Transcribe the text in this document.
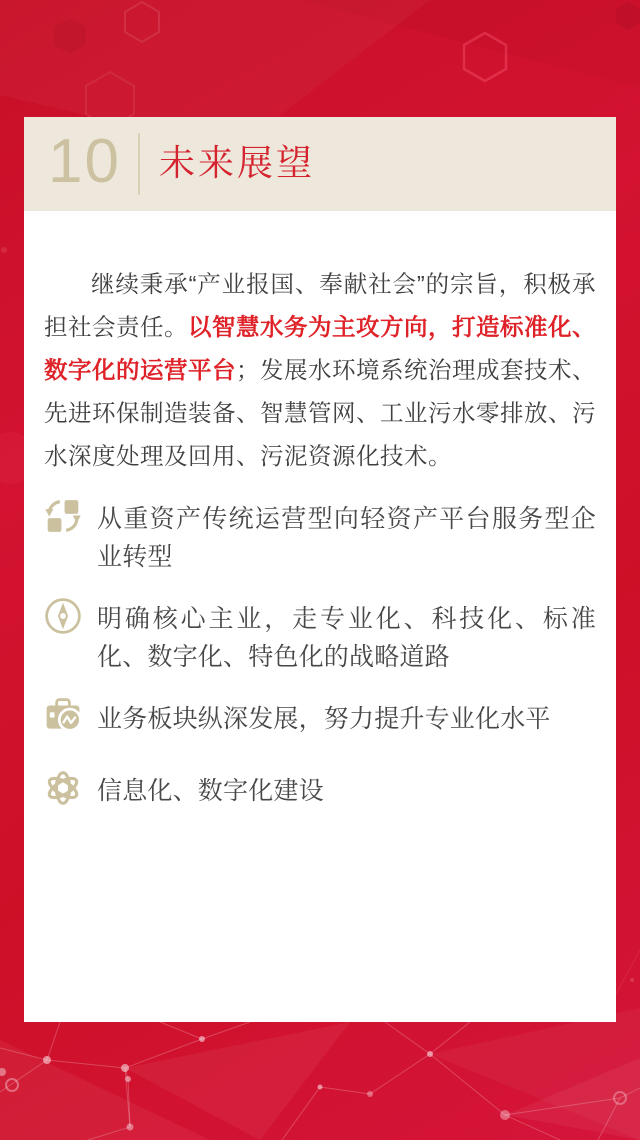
10 未来展望

继续秉承“产业报国、奉献社会”的宗旨，积极承担社会责任。以智慧水务为主攻方向，打造标准化、数字化的运营平台；发展水环境系统治理成套技术、先进环保制造装备、智慧管网、工业污水零排放、污水深度处理及回用、污泥资源化技术。

从重资产传统运营型向轻资产平台服务型企业转型
明确核心主业，走专业化、科技化、标准化、数字化、特色化的战略道路
业务板块纵深发展，努力提升专业化水平
信息化、数字化建设
